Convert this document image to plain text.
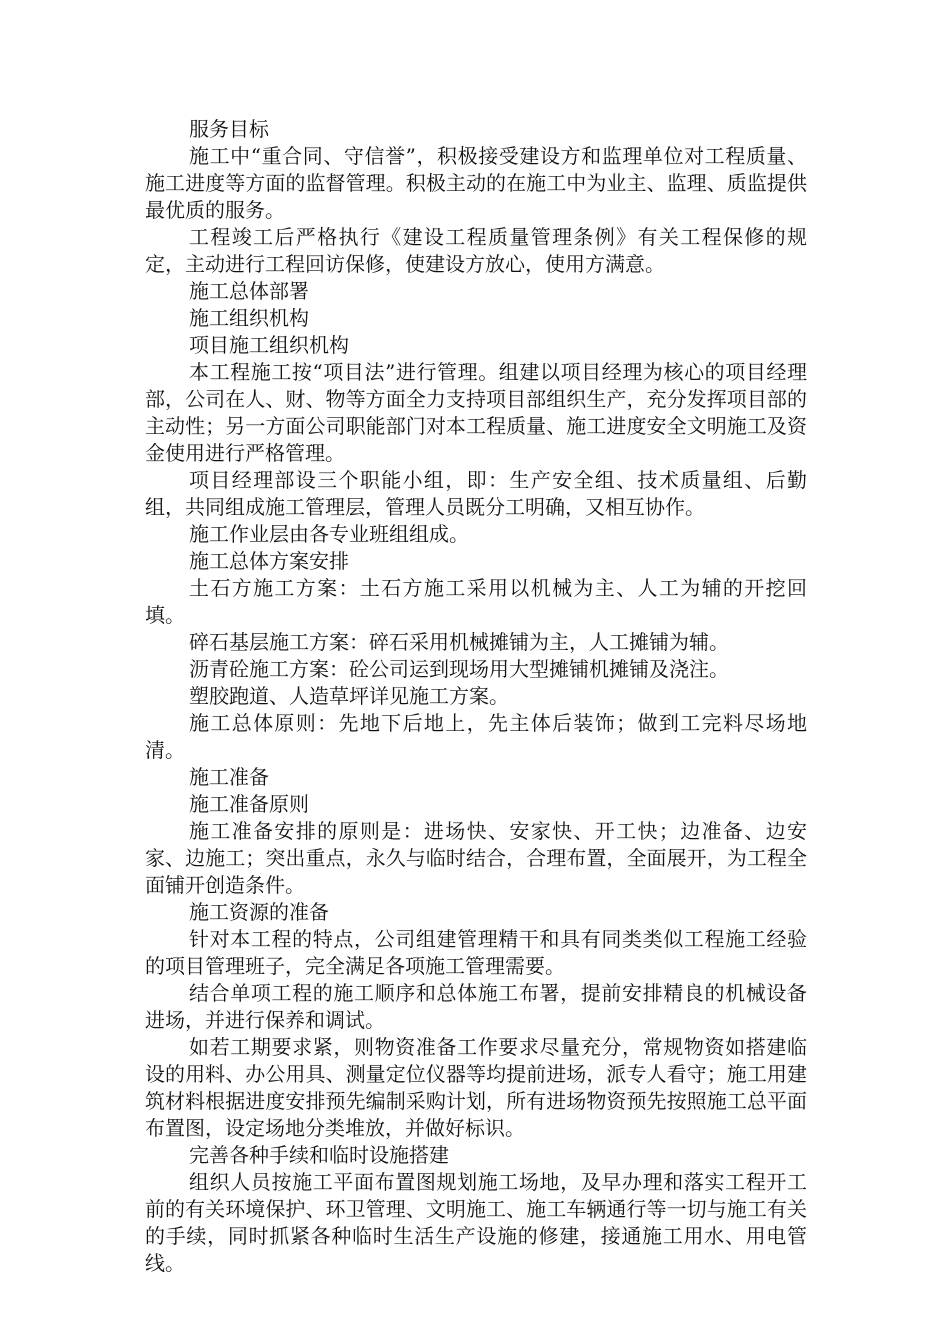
服务目标

施工中“重合同、守信誉”，积极接受建设方和监理单位对工程质量、施工进度等方面的监督管理。积极主动的在施工中为业主、监理、质监提供最优质的服务。

工程竣工后严格执行《建设工程质量管理条例》有关工程保修的规定，主动进行工程回访保修，使建设方放心，使用方满意。

施工总体部署

施工组织机构

项目施工组织机构

本工程施工按“项目法”进行管理。组建以项目经理为核心的项目经理部，公司在人、财、物等方面全力支持项目部组织生产，充分发挥项目部的主动性；另一方面公司职能部门对本工程质量、施工进度安全文明施工及资金使用进行严格管理。

项目经理部设三个职能小组，即：生产安全组、技术质量组、后勤组，共同组成施工管理层，管理人员既分工明确，又相互协作。

施工作业层由各专业班组组成。

施工总体方案安排

土石方施工方案：土石方施工采用以机械为主、人工为辅的开挖回填。

碎石基层施工方案：碎石采用机械摊铺为主，人工摊铺为辅。

沥青砼施工方案：砼公司运到现场用大型摊铺机摊铺及浇注。

塑胶跑道、人造草坪详见施工方案。

施工总体原则：先地下后地上，先主体后装饰；做到工完料尽场地清。

施工准备

施工准备原则

施工准备安排的原则是：进场快、安家快、开工快；边准备、边安家、边施工；突出重点，永久与临时结合，合理布置，全面展开，为工程全面铺开创造条件。

施工资源的准备

针对本工程的特点，公司组建管理精干和具有同类类似工程施工经验的项目管理班子，完全满足各项施工管理需要。

结合单项工程的施工顺序和总体施工布署，提前安排精良的机械设备进场，并进行保养和调试。

如若工期要求紧，则物资准备工作要求尽量充分，常规物资如搭建临设的用料、办公用具、测量定位仪器等均提前进场，派专人看守；施工用建筑材料根据进度安排预先编制采购计划，所有进场物资预先按照施工总平面布置图，设定场地分类堆放，并做好标识。

完善各种手续和临时设施搭建

组织人员按施工平面布置图规划施工场地，及早办理和落实工程开工前的有关环境保护、环卫管理、文明施工、施工车辆通行等一切与施工有关的手续，同时抓紧各种临时生活生产设施的修建，接通施工用水、用电管线。
